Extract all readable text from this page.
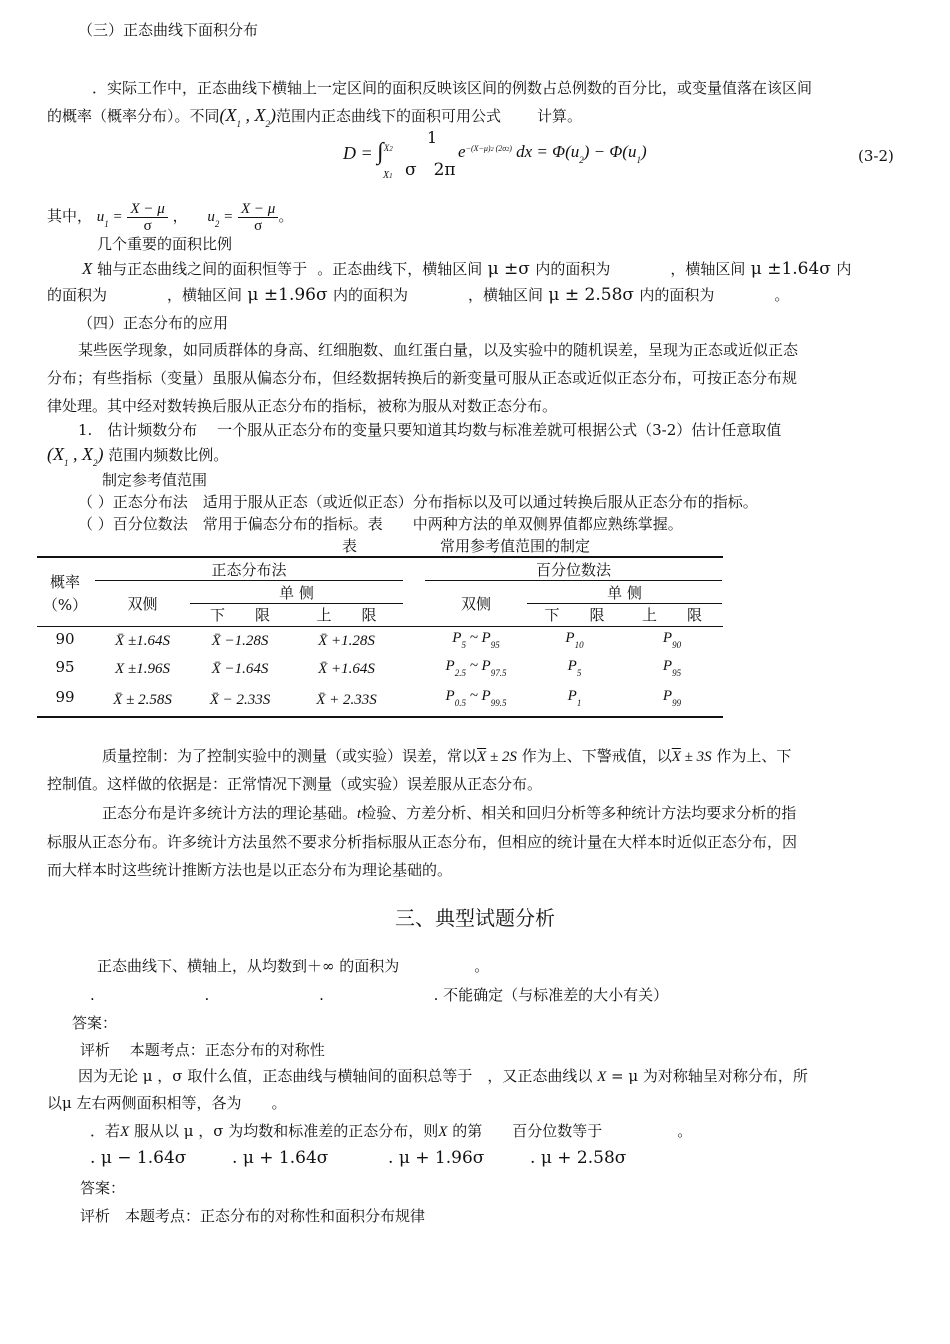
（三）正态曲线下面积分布
．实际工作中，正态曲线下横轴上一定区间的面积反映该区间的例数占总例数的百分比，或变量值落在该区间
的概率（概率分布）。不同($X_1$ , $X_2$)范围内正态曲线下的面积可用公式 计算。
D = ∫$^{X2}$
X1
1
σ　2π
$e^{-(X-\mu)2 (2\sigma 2)}$ dx = $\Phi(u_2) - \Phi(u_1)$	(3-2)
其中， $u_1 = \frac{X - \mu}{\sigma}$ ， $u_2 = \frac{X - \mu}{\sigma}$ 。
几个重要的面积比例
X 轴与正态曲线之间的面积恒等于 。正态曲线下，横轴区间 μ ±σ 内的面积为	，横轴区间 μ ±1.64σ 内
的面积为	，横轴区间 μ ±1.96σ 内的面积为	，横轴区间 μ ± 2.58σ 内的面积为	。
（四）正态分布的应用
某些医学现象，如同质群体的身高、红细胞数、血红蛋白量，以及实验中的随机误差，呈现为正态或近似正态
分布；有些指标（变量）虽服从偏态分布，但经数据转换后的新变量可服从正态或近似正态分布，可按正态分布规
律处理。其中经对数转换后服从正态分布的指标，被称为服从对数正态分布。
1.　估计频数分布　 一个服从正态分布的变量只要知道其均数与标准差就可根据公式（3-2）估计任意取值
($X_1$ , $X_2$) 范围内频数比例。
制定参考值范围
（ ）正态分布法　适用于服从正态（或近似正态）分布指标以及可以通过转换后服从正态分布的指标。
（ ）百分位数法　常用于偏态分布的指标。表　　中两种方法的单双侧界值都应熟练掌握。
表	常用参考值范围的制定
概率
（%）
正态分布法	百分位数法
双侧
单 侧
双侧
单 侧
下　　限	上　　限	下　　限	上　　限
90	X̄ ±1.64S	X̄ −1.28S	X̄ +1.28S	$P_5$ ~ $P_{95}$	$P_{10}$	$P_{90}$
95	X ±1.96S	X̄ −1.64S	X̄ +1.64S	$P_{2.5}$ ~ $P_{97.5}$	$P_5$	$P_{95}$
99	X̄ ± 2.58S	X̄ − 2.33S	X̄ + 2.33S	$P_{0.5}$ ~ $P_{99.5}$	$P_1$	$P_{99}$
质量控制：为了控制实验中的测量（或实验）误差，常以$\overline{X} \pm 2S$ 作为上、下警戒值，以$\overline{X} \pm 3S$ 作为上、下
控制值。这样做的依据是：正常情况下测量（或实验）误差服从正态分布。
正态分布是许多统计方法的理论基础。t检验、方差分析、相关和回归分析等多种统计方法均要求分析的指
标服从正态分布。许多统计方法虽然不要求分析指标服从正态分布，但相应的统计量在大样本时近似正态分布，因
而大样本时这些统计推断方法也是以正态分布为理论基础的。
三、典型试题分析
正态曲线下、横轴上，从均数到＋∞ 的面积为　　　　　。
.　　　　　　　 .　　　　　　　 .　　　　　　　 . 不能确定（与标准差的大小有关）
答案：
评析　 本题考点：正态分布的对称性
因为无论 μ ，σ 取什么值，正态曲线与横轴间的面积总等于　，又正态曲线以 X = μ 为对称轴呈对称分布，所
以μ 左右两侧面积相等，各为　　。
．若X 服从以 μ ，σ 为均数和标准差的正态分布，则X 的第　　百分位数等于　　　　　。
. μ − 1.64σ	. μ + 1.64σ	. μ + 1.96σ	. μ + 2.58σ
答案：
评析　本题考点：正态分布的对称性和面积分布规律
